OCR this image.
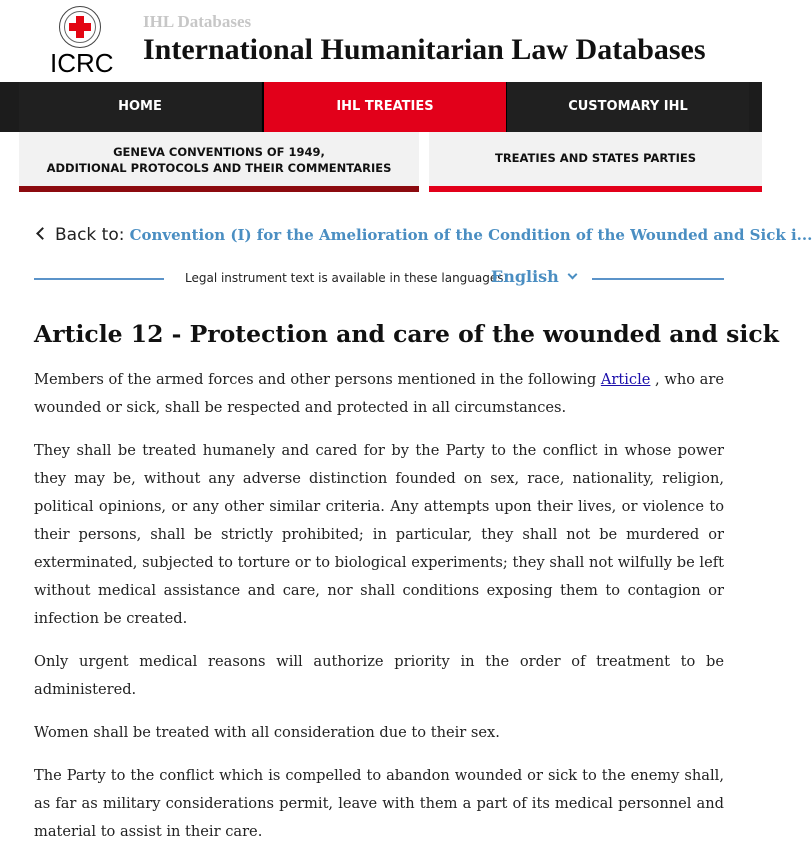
ICRC
IHL Databases
International Humanitarian Law Databases
HOME	IHL TREATIES	CUSTOMARY IHL
GENEVA CONVENTIONS OF 1949,
ADDITIONAL PROTOCOLS AND THEIR COMMENTARIES
TREATIES AND STATES PARTIES
Back to: Convention (I) for the Amelioration of the Condition of the Wounded and Sick i...
Legal instrument text is available in these languages
English
Article 12 - Protection and care of the wounded and sick

Members of the armed forces and other persons mentioned in the following Article , who are wounded or sick, shall be respected and protected in all circumstances.

They shall be treated humanely and cared for by the Party to the conflict in whose power they may be, without any adverse distinction founded on sex, race, nationality, religion, political opinions, or any other similar criteria. Any attempts upon their lives, or violence to their persons, shall be strictly prohibited; in particular, they shall not be murdered or exterminated, subjected to torture or to biological experiments; they shall not wilfully be left without medical assistance and care, nor shall conditions exposing them to contagion or infection be created.

Only urgent medical reasons will authorize priority in the order of treatment to be administered.

Women shall be treated with all consideration due to their sex.

The Party to the conflict which is compelled to abandon wounded or sick to the enemy shall, as far as military considerations permit, leave with them a part of its medical personnel and material to assist in their care.
